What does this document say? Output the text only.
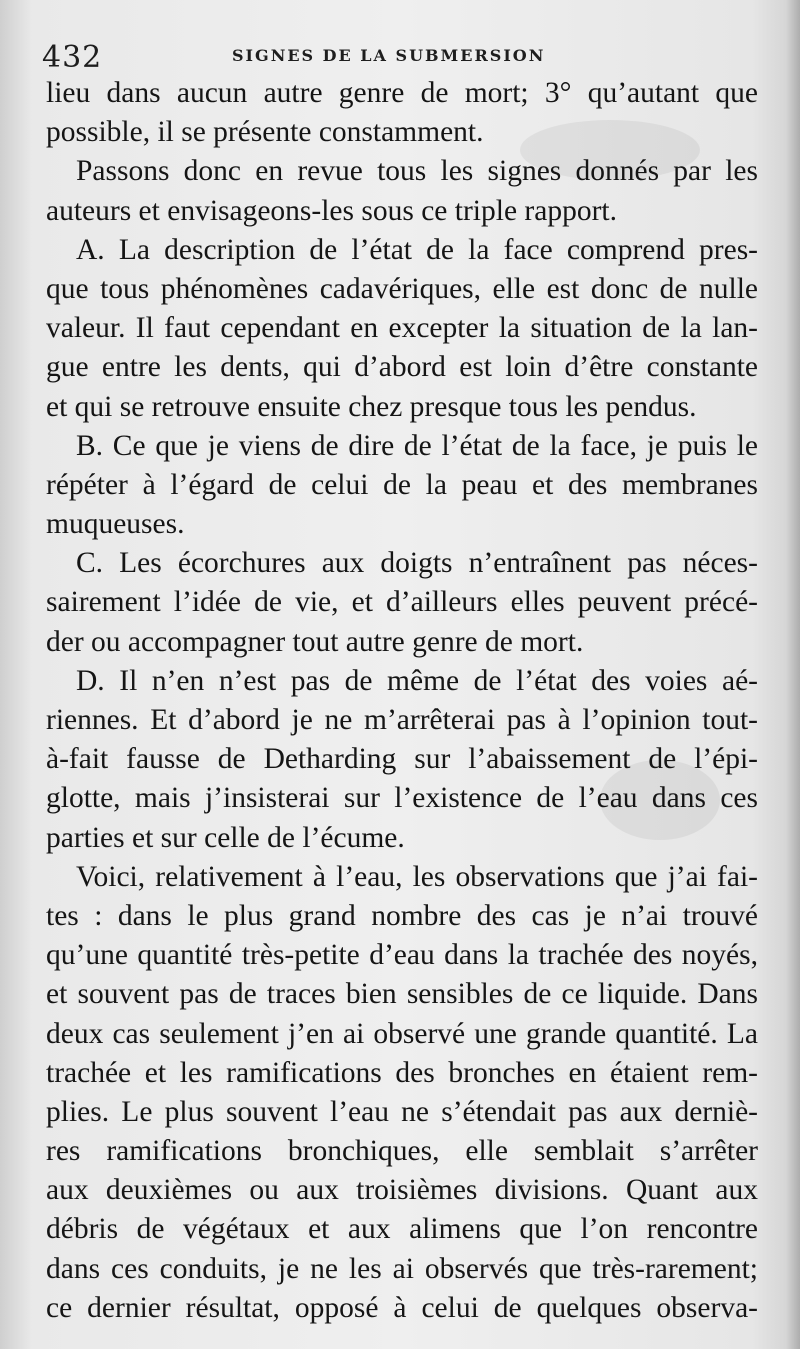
432	SIGNES DE LA SUBMERSION
lieu dans aucun autre genre de mort; 3° qu’autant que
possible, il se présente constamment.
Passons donc en revue tous les signes donnés par les
auteurs et envisageons-les sous ce triple rapport.
A. La description de l’état de la face comprend pres-
que tous phénomènes cadavériques, elle est donc de nulle
valeur. Il faut cependant en excepter la situation de la lan-
gue entre les dents, qui d’abord est loin d’être constante
et qui se retrouve ensuite chez presque tous les pendus.
B. Ce que je viens de dire de l’état de la face, je puis le
répéter à l’égard de celui de la peau et des membranes
muqueuses.
C. Les écorchures aux doigts n’entraînent pas néces-
sairement l’idée de vie, et d’ailleurs elles peuvent précé-
der ou accompagner tout autre genre de mort.
D. Il n’en n’est pas de même de l’état des voies aé-
riennes. Et d’abord je ne m’arrêterai pas à l’opinion tout-
à-fait fausse de Detharding sur l’abaissement de l’épi-
glotte, mais j’insisterai sur l’existence de l’eau dans ces
parties et sur celle de l’écume.
Voici, relativement à l’eau, les observations que j’ai fai-
tes : dans le plus grand nombre des cas je n’ai trouvé
qu’une quantité très-petite d’eau dans la trachée des noyés,
et souvent pas de traces bien sensibles de ce liquide. Dans
deux cas seulement j’en ai observé une grande quantité. La
trachée et les ramifications des bronches en étaient rem-
plies. Le plus souvent l’eau ne s’étendait pas aux derniè-
res ramifications bronchiques, elle semblait s’arrêter
aux deuxièmes ou aux troisièmes divisions. Quant aux
débris de végétaux et aux alimens que l’on rencontre
dans ces conduits, je ne les ai observés que très-rarement;
ce dernier résultat, opposé à celui de quelques observa-
